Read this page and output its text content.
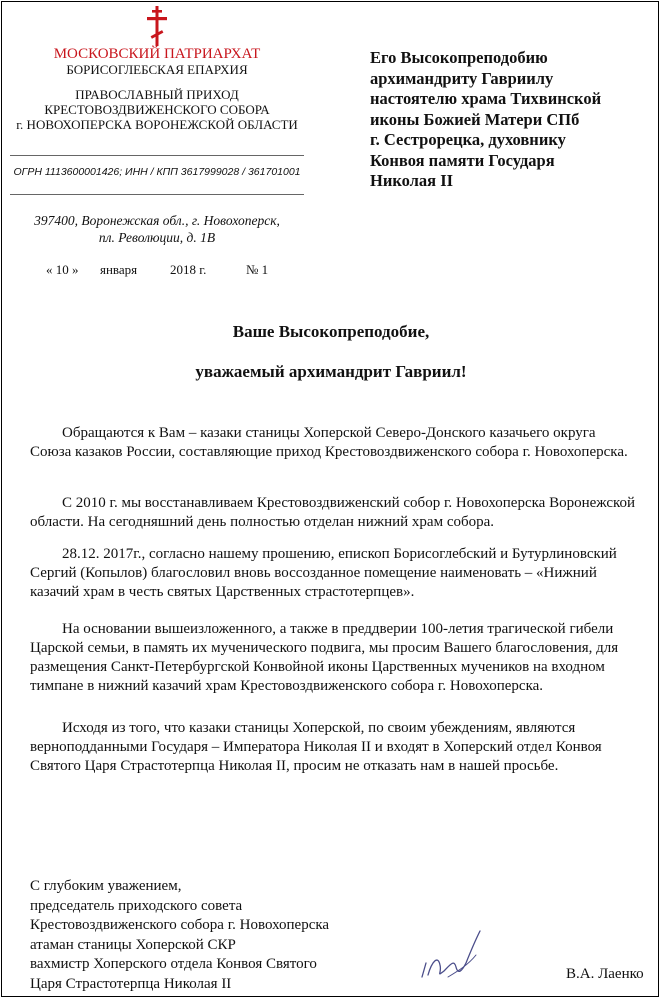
МОСКОВСКИЙ ПАТРИАРХАТ
БОРИСОГЛЕБСКАЯ ЕПАРХИЯ
ПРАВОСЛАВНЫЙ ПРИХОД
КРЕСТОВОЗДВИЖЕНСКОГО СОБОРА
г. НОВОХОПЕРСКА ВОРОНЕЖСКОЙ ОБЛАСТИ
ОГРН 1113600001426; ИНН / КПП 3617999028 / 361701001
397400, Воронежская обл., г. Новохоперск,
пл. Революции, д. 1В
« 10 » января	2018 г.	№ 1
Его Высокопреподобию
архимандриту Гавриилу
настоятелю храма Тихвинской
иконы Божией Матери СПб
г. Сестрорецка, духовнику
Конвоя памяти Государя
Николая II
Ваше Высокопреподобие,
уважаемый архимандрит Гавриил!

Обращаются к Вам – казаки станицы Хоперской Северо-Донского казачьего округа Союза казаков России, составляющие приход Крестовоздвиженского собора г. Новохоперска.

С 2010 г. мы восстанавливаем Крестовоздвиженский собор г. Новохоперска Воронежской области. На сегодняшний день полностью отделан нижний храм собора.

28.12. 2017г., согласно нашему прошению, епископ Борисоглебский и Бутурлиновский Сергий (Копылов) благословил вновь воссозданное помещение наименовать – «Нижний казачий храм в честь святых Царственных страстотерпцев».

На основании вышеизложенного, а также в преддверии 100-летия трагической гибели Царской семьи, в память их мученического подвига, мы просим Вашего благословения, для размещения Санкт-Петербургской Конвойной иконы Царственных мучеников на входном тимпане в нижний казачий храм Крестовоздвиженского собора г. Новохоперска.

Исходя из того, что казаки станицы Хоперской, по своим убеждениям, являются верноподданными Государя – Императора Николая II и входят в Хоперский отдел Конвоя Святого Царя Страстотерпца Николая II, просим не отказать нам в нашей просьбе.

С глубоким уважением,
председатель приходского совета
Крестовоздвиженского собора г. Новохоперска
атаман станицы Хоперской СКР
вахмистр Хоперского отдела Конвоя Святого
Царя Страстотерпца Николая II
В.А. Лаенко
